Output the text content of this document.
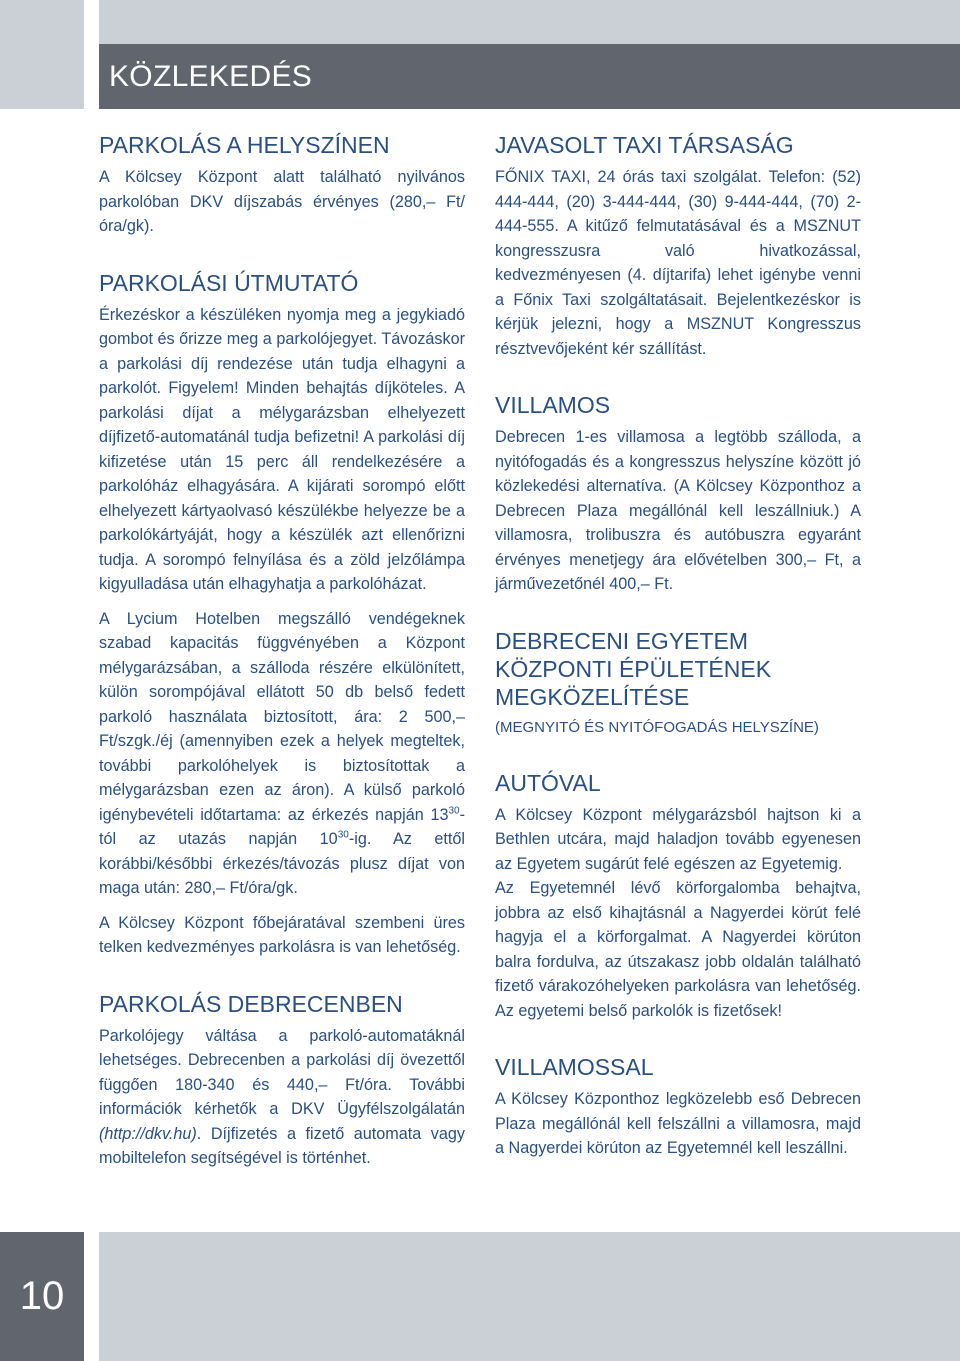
KÖZLEKEDÉS
PARKOLÁS A HELYSZÍNEN

A Kölcsey Központ alatt található nyilvános parkolóban DKV díjszabás érvényes (280,– Ft/óra/gk).

PARKOLÁSI ÚTMUTATÓ

Érkezéskor a készüléken nyomja meg a jegykiadó gombot és őrizze meg a parkolójegyet. Távozáskor a parkolási díj rendezése után tudja elhagyni a parkolót. Figyelem! Minden behajtás díjköteles. A parkolási díjat a mélygarázsban elhelyezett díjfizető-automatánál tudja befizetni! A parkolási díj kifizetése után 15 perc áll rendelkezésére a parkolóház elhagyására. A kijárati sorompó előtt elhelyezett kártyaolvasó készülékbe helyezze be a parkolókártyáját, hogy a készülék azt ellenőrizni tudja. A sorompó felnyílása és a zöld jelzőlámpa kigyulladása után elhagyhatja a parkolóházat.

A Lycium Hotelben megszálló vendégeknek szabad kapacitás függvényében a Központ mélygarázsában, a szálloda részére elkülönített, külön sorompójával ellátott 50 db belső fedett parkoló használata biztosított, ára: 2 500,– Ft/szgk./éj (amennyiben ezek a helyek megteltek, további parkolóhelyek is biztosítottak a mélygarázsban ezen az áron). A külső parkoló igénybevételi időtartama: az érkezés napján $13^{30}$-tól az utazás napján $10^{30}-ig$. Az ettől korábbi/későbbi érkezés/távozás plusz díjat von maga után: 280,– Ft/óra/gk.

A Kölcsey Központ főbejáratával szembeni üres telken kedvezményes parkolásra is van lehetőség.

PARKOLÁS DEBRECENBEN

Parkolójegy váltása a parkoló-automatáknál lehetséges. Debrecenben a parkolási díj övezettől függően 180-340 és 440,– Ft/óra. További információk kérhetők a DKV Ügyfélszolgálatán (http://dkv.hu). Díjfizetés a fizető automata vagy mobiltelefon segítségével is történhet.

JAVASOLT TAXI TÁRSASÁG

FŐNIX TAXI, 24 órás taxi szolgálat. Telefon: (52) 444-444, (20) 3-444-444, (30) 9-444-444, (70) 2-444-555. A kitűző felmutatásával és a MSZNUT kongresszusra való hivatkozással, kedvezményesen (4. díjtarifa) lehet igénybe venni a Főnix Taxi szolgáltatásait. Bejelentkezéskor is kérjük jelezni, hogy a MSZNUT Kongresszus résztvevőjeként kér szállítást.

VILLAMOS

Debrecen 1-es villamosa a legtöbb szálloda, a nyitófogadás és a kongresszus helyszíne között jó közlekedési alternatíva. (A Kölcsey Központhoz a Debrecen Plaza megállónál kell leszállniuk.) A villamosra, trolibuszra és autóbuszra egyaránt érvényes menetjegy ára elővételben 300,– Ft, a járművezetőnél 400,– Ft.

DEBRECENI EGYETEM KÖZPONTI ÉPÜLETÉNEK MEGKÖZELÍTÉSE

(MEGNYITÓ ÉS NYITÓFOGADÁS HELYSZÍNE)

AUTÓVAL

A Kölcsey Központ mélygarázsból hajtson ki a Bethlen utcára, majd haladjon tovább egyenesen az Egyetem sugárút felé egészen az Egyetemig.

Az Egyetemnél lévő körforgalomba behajtva, jobbra az első kihajtásnál a Nagyerdei körút felé hagyja el a körforgalmat. A Nagyerdei körúton balra fordulva, az útszakasz jobb oldalán található fizető várakozóhelyeken parkolásra van lehetőség. Az egyetemi belső parkolók is fizetősek!

VILLAMOSSAL

A Kölcsey Központhoz legközelebb eső Debrecen Plaza megállónál kell felszállni a villamosra, majd a Nagyerdei körúton az Egyetemnél kell leszállni.

10
